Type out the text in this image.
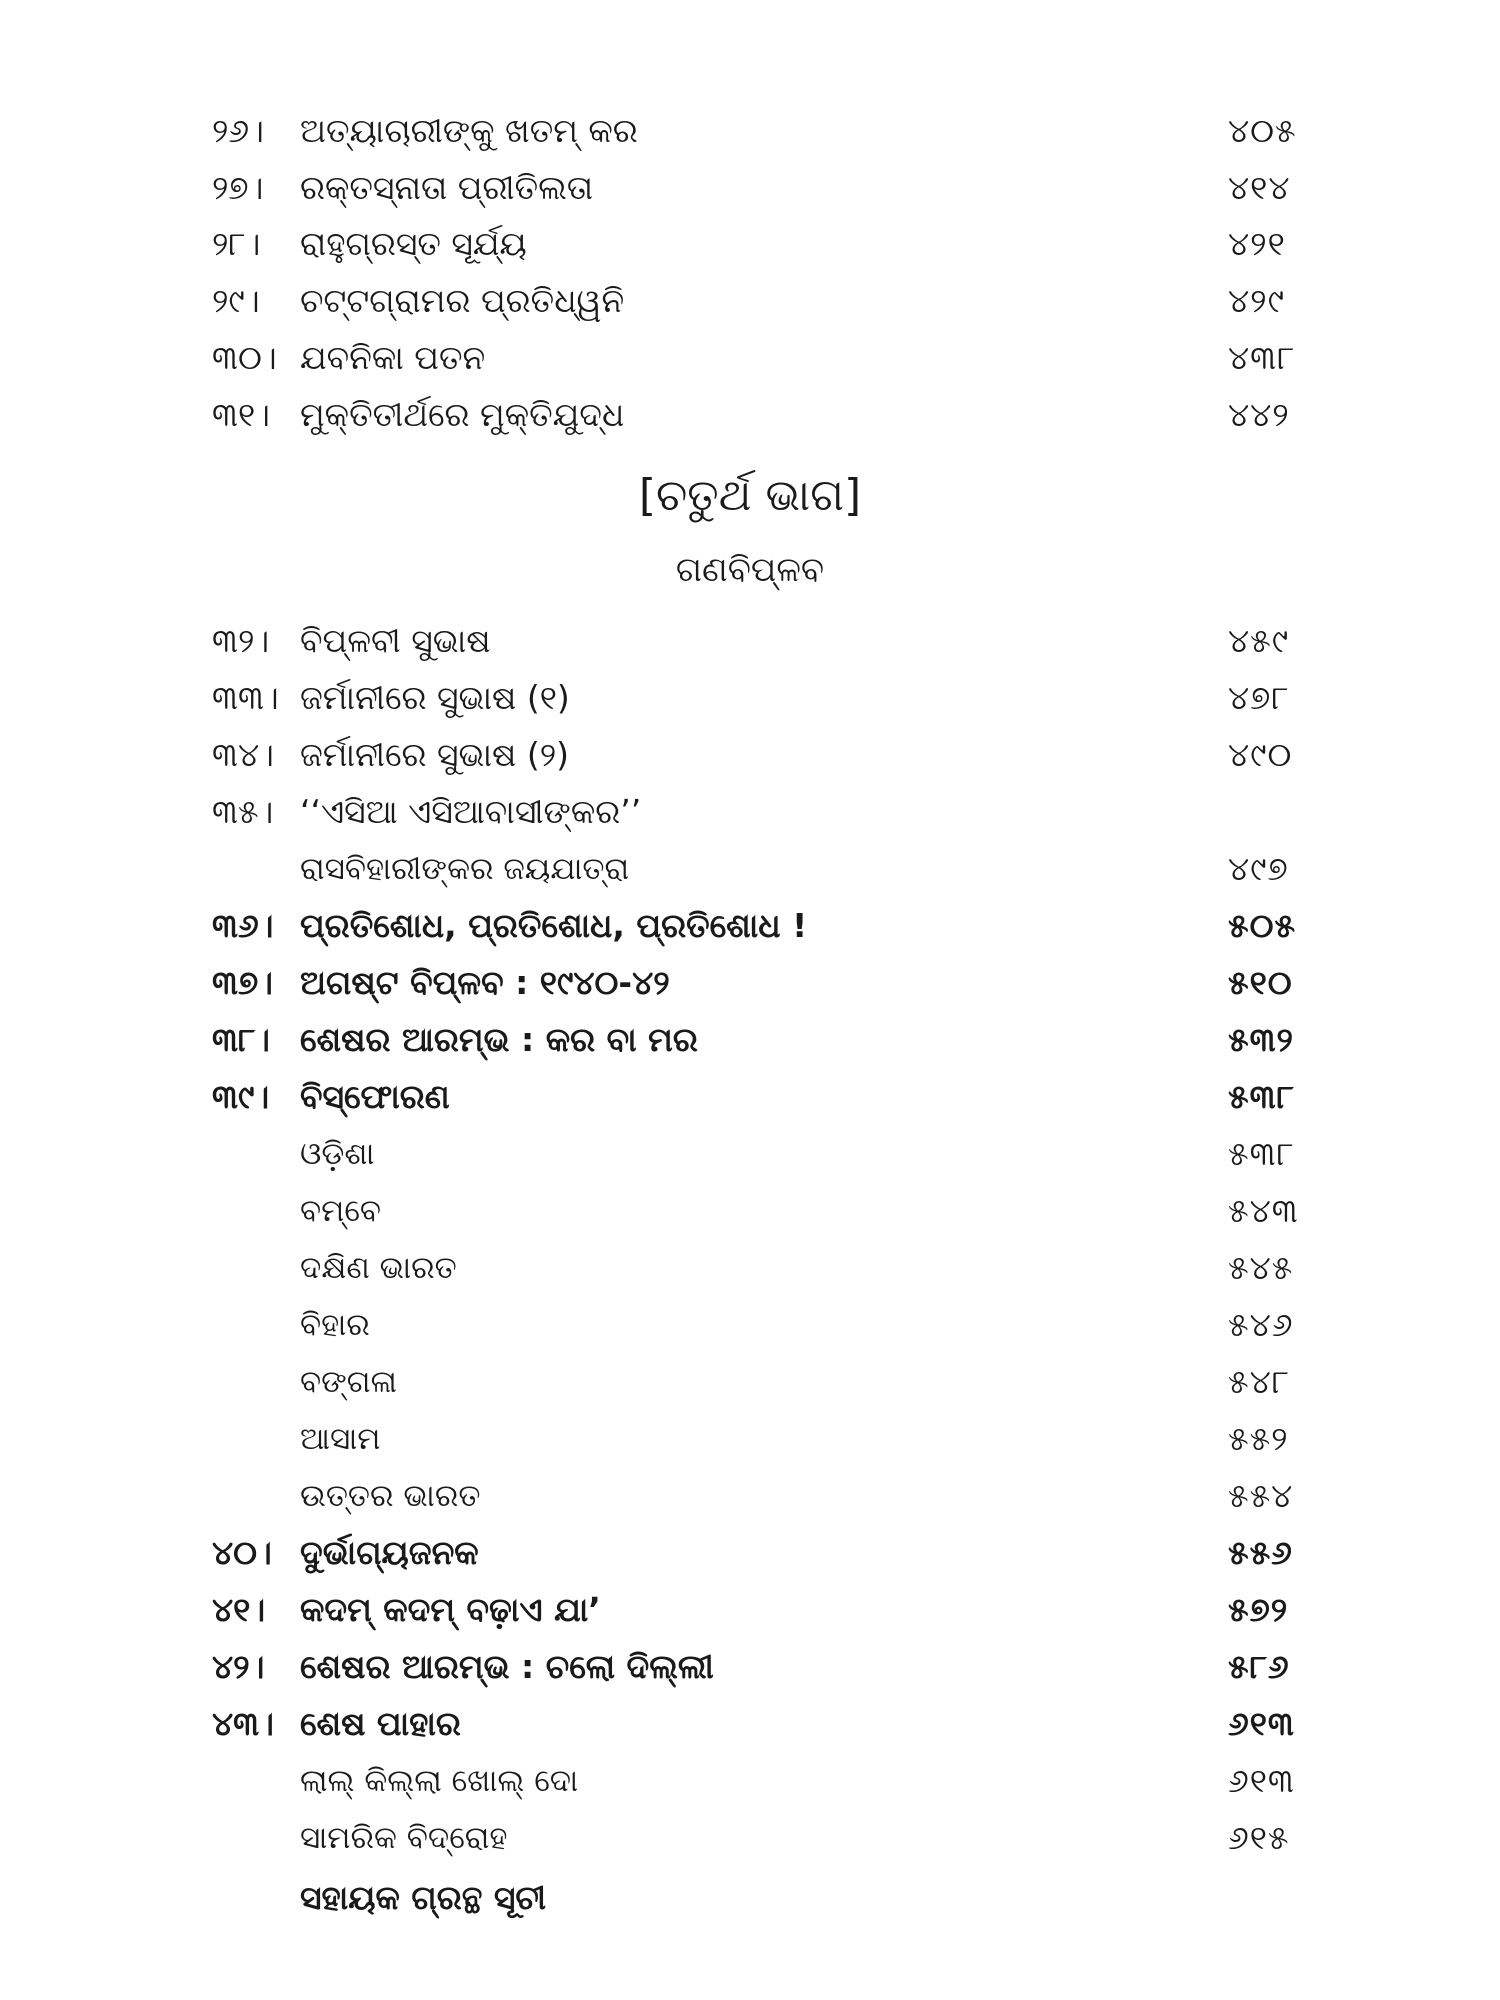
୨୬। ଅତ୍ୟାଚାରୀଙ୍କୁ ଖତମ୍ କର	୪୦୫
୨୭। ରକ୍ତସ୍ନାତା ପ୍ରୀତିଲତା	୪୧୪
୨୮। ରାହୁଗ୍ରସ୍ତ ସୂର୍ଯ୍ୟ	୪୨୧
୨୯। ଚଟ୍ଟଗ୍ରାମର ପ୍ରତିଧ୍ୱନି	୪୨୯
୩୦। ଯବନିକା ପତନ	୪୩୮
୩୧। ମୁକ୍ତିତୀର୍ଥରେ ମୁକ୍ତିଯୁଦ୍ଧ	୪୪୨
[ଚତୁର୍ଥ ଭାଗ]
ଗଣବିପ୍ଳବ
୩୨। ବିପ୍ଳବୀ ସୁଭାଷ	୪୫୯
୩୩। ଜର୍ମାନୀରେ ସୁଭାଷ (୧)	୪୭୮
୩୪। ଜର୍ମାନୀରେ ସୁଭାଷ (୨)	୪୯୦
୩୫। ‘‘ଏସିଆ ଏସିଆବାସୀଙ୍କର’’
ରାସବିହାରୀଙ୍କର ଜୟଯାତ୍ରା	୪୯୭
୩୬। ପ୍ରତିଶୋଧ, ପ୍ରତିଶୋଧ, ପ୍ରତିଶୋଧ !	୫୦୫
୩୭। ଅଗଷ୍ଟ ବିପ୍ଳବ : ୧୯୪୦-୪୨	୫୧୦
୩୮। ଶେଷର ଆରମ୍ଭ : କର ବା ମର	୫୩୨
୩୯। ବିସ୍ଫୋରଣ	୫୩୮
ଓଡ଼ିଶା	୫୩୮
ବମ୍ବେ	୫୪୩
ଦକ୍ଷିଣ ଭାରତ	୫୪୫
ବିହାର	୫୪୬
ବଙ୍ଗଳା	୫୪୮
ଆସାମ	୫୫୨
ଉତ୍ତର ଭାରତ	୫୫୪
୪୦। ଦୁର୍ଭାଗ୍ୟଜନକ	୫୫୬
୪୧। କଦମ୍ କଦମ୍ ବଢ଼ାଏ ଯା’	୫୭୨
୪୨। ଶେଷର ଆରମ୍ଭ : ଚଲୋ ଦିଲ୍ଲୀ	୫୮୬
୪୩। ଶେଷ ପାହାର	୬୧୩
ଲାଲ୍ କିଲ୍ଲା ଖୋଲ୍ ଦୋ	୬୧୩
ସାମରିକ ବିଦ୍ରୋହ	୬୧୫
ସହାୟକ ଗ୍ରନ୍ଥ ସୂଚୀ
